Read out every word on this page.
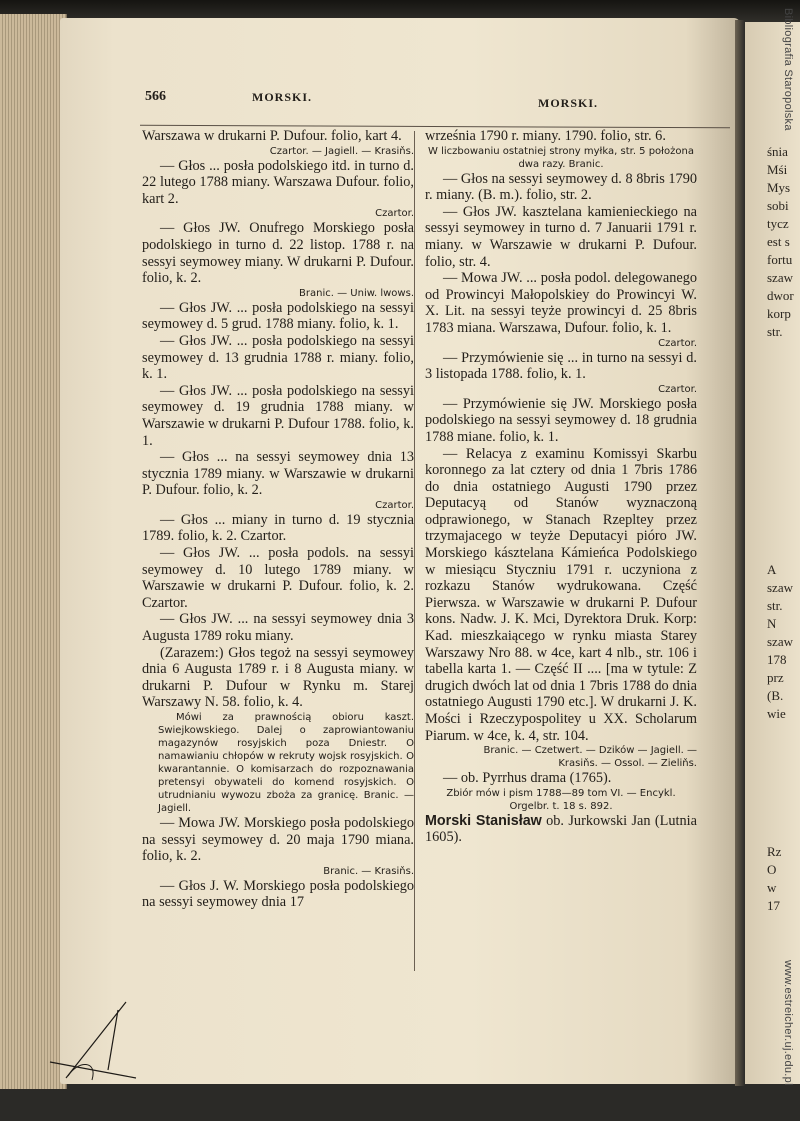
śnia
Mśi
Mys
sobi
tycz
est s
fortu
szaw
dwor
korp
str.
A
szaw
str.
N
szaw
178
prz
(B.
wie
Rz
O
w
17
566	MORSKI.	MORSKI.

Warszawa w drukarni P. Dufour. folio, kart 4.

Czartor. — Jagiell. — Krasiňs.

— Głos ... posła podolskiego itd. in turno d. 22 lutego 1788 miany. Warszawa Dufour. folio, kart 2.

Czartor.

— Głos JW. Onufrego Morskiego posła podolskiego in turno d. 22 listop. 1788 r. na sessyi seymowey miany. W drukarni P. Dufour. folio, k. 2.

Branic. — Uniw. lwows.

— Głos JW. ... posła podolskiego na sessyi seymowey d. 5 grud. 1788 miany. folio, k. 1.

— Głos JW. ... posła podolskiego na sessyi seymowey d. 13 grudnia 1788 r. miany. folio, k. 1.

— Głos JW. ... posła podolskiego na sessyi seymowey d. 19 grudnia 1788 miany. w Warszawie w drukarni P. Dufour 1788. folio, k. 1.

— Głos ... na sessyi seymowey dnia 13 stycznia 1789 miany. w Warszawie w drukarni P. Dufour. folio, k. 2.

Czartor.

— Głos ... miany in turno d. 19 stycznia 1789. folio, k. 2. Czartor.

— Głos JW. ... posła podols. na sessyi seymowey d. 10 lutego 1789 miany. w Warszawie w drukarni P. Dufour. folio, k. 2. Czartor.

— Głos JW. ... na sessyi seymowey dnia 3 Augusta 1789 roku miany.

(Zarazem:) Głos tegoż na sessyi seymowey dnia 6 Augusta 1789 r. i 8 Augusta miany. w drukarni P. Dufour w Rynku m. Starej Warszawy N. 58. folio, k. 4.

Mówi za prawnością obioru kaszt. Swiejkowskiego. Dalej o zaprowiantowaniu magazynów rosyjskich poza Dniestr. O namawianiu chłopów w rekruty wojsk rosyjskich. O kwarantannie. O komisarzach do rozpoznawania pretensyi obywateli do komend rosyjskich. O utrudnianiu wywozu zboża za granicę. Branic. — Jagiell.

— Mowa JW. Morskiego posła podolskiego na sessyi seymowey d. 20 maja 1790 miana. folio, k. 2.

Branic. — Krasiňs.

— Głos J. W. Morskiego posła podolskiego na sessyi seymowey dnia 17

września 1790 r. miany. 1790. folio, str. 6.

W liczbowaniu ostatniej strony myłka, str. 5 położona dwa razy. Branic.

— Głos na sessyi seymowey d. 8 8bris 1790 r. miany. (B. m.). folio, str. 2.

— Głos JW. kasztelana kamienieckiego na sessyi seymowey in turno d. 7 Januarii 1791 r. miany. w Warszawie w drukarni P. Dufour. folio, str. 4.

— Mowa JW. ... posła podol. delegowanego od Prowincyi Małopolskiey do Prowincyi W. X. Lit. na sessyi teyże prowincyi d. 25 8bris 1783 miana. Warszawa, Dufour. folio, k. 1.

Czartor.

— Przymówienie się ... in turno na sessyi d. 3 listopada 1788. folio, k. 1.

Czartor.

— Przymówienie się JW. Morskiego posła podolskiego na sessyi seymowey d. 18 grudnia 1788 miane. folio, k. 1.

— Relacya z examinu Komissyi Skarbu koronnego za lat cztery od dnia 1 7bris 1786 do dnia ostatniego Augusti 1790 przez Deputacyą od Stanów wyznaczoną odprawionego, w Stanach Rzepltey przez trzymajacego w teyże Deputacyi pióro JW. Morskiego kásztelana Kámieńca Podolskiego w miesiącu Styczniu 1791 r. uczyniona z rozkazu Stanów wydrukowana. Część Pierwsza. w Warszawie w drukarni P. Dufour kons. Nadw. J. K. Mci, Dyrektora Druk. Korp: Kad. mieszkaiącego w rynku miasta Starey Warszawy Nro 88. w 4ce, kart 4 nlb., str. 106 i tabella karta 1. — Część II .... [ma w tytule: Z drugich dwóch lat od dnia 1 7bris 1788 do dnia ostatniego Augusti 1790 etc.]. W drukarni J. K. Mości i Rzeczypospolitey u XX. Scholarum Piarum. w 4ce, k. 4, str. 104.

Branic. — Czetwert. — Dzików — Jagiell. — Krasiňs. — Ossol. — Zieliňs.

— ob. Pyrrhus drama (1765).

Zbiór mów i pism 1788—89 tom VI. — Encykl. Orgelbr. t. 18 s. 892.

Morski Stanisław ob. Jurkowski Jan (Lutnia 1605).

Bibliografia Staropolska
www.estreicher.uj.edu.pl
